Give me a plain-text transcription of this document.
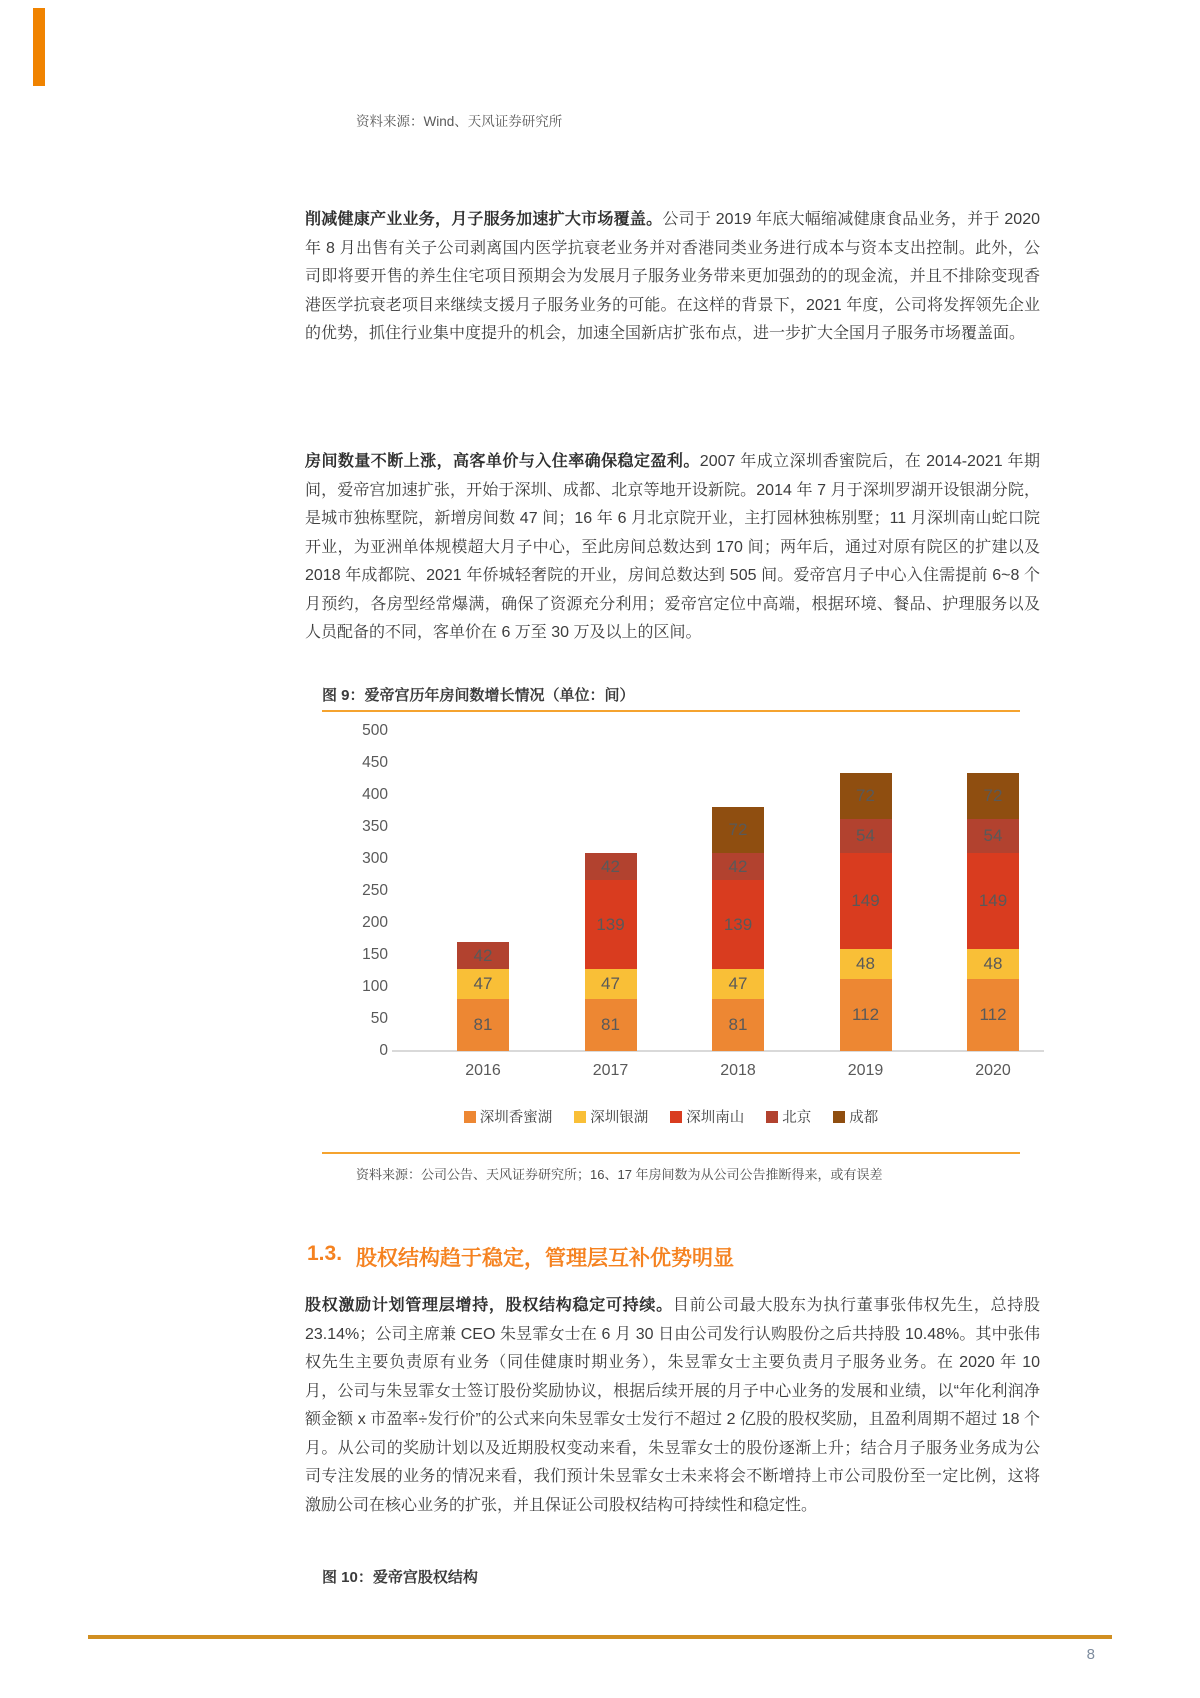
资料来源：Wind、天风证券研究所

削减健康产业业务，月子服务加速扩大市场覆盖。公司于 2019 年底大幅缩减健康食品业务，并于 2020 年 8 月出售有关子公司剥离国内医学抗衰老业务并对香港同类业务进行成本与资本支出控制。此外，公司即将要开售的养生住宅项目预期会为发展月子服务业务带来更加强劲的的现金流，并且不排除变现香港医学抗衰老项目来继续支援月子服务业务的可能。在这样的背景下，2021 年度，公司将发挥领先企业的优势，抓住行业集中度提升的机会，加速全国新店扩张布点，进一步扩大全国月子服务市场覆盖面。

房间数量不断上涨，高客单价与入住率确保稳定盈利。2007 年成立深圳香蜜院后，在 2014-2021 年期间，爱帝宫加速扩张，开始于深圳、成都、北京等地开设新院。2014 年 7 月于深圳罗湖开设银湖分院，是城市独栋墅院，新增房间数 47 间；16 年 6 月北京院开业，主打园林独栋别墅；11 月深圳南山蛇口院开业，为亚洲单体规模超大月子中心，至此房间总数达到 170 间；两年后，通过对原有院区的扩建以及 2018 年成都院、2021 年侨城轻奢院的开业，房间总数达到 505 间。爱帝宫月子中心入住需提前 6~8 个月预约，各房型经常爆满，确保了资源充分利用；爱帝宫定位中高端，根据环境、餐品、护理服务以及人员配备的不同，客单价在 6 万至 30 万及以上的区间。

图 9：爱帝宫历年房间数增长情况（单位：间）
0
50
100
150
200
250
300
350
400
450
500
81
47
42
81
47
139
42
81
47
139
42
72
112
48
149
54
72
112
48
149
54
72
2016	2017	2018	2019	2020
深圳香蜜湖	深圳银湖	深圳南山	北京	成都
资料来源：公司公告、天风证券研究所；16、17 年房间数为从公司公告推断得来，或有误差
1.3. 股权结构趋于稳定，管理层互补优势明显

股权激励计划管理层增持，股权结构稳定可持续。目前公司最大股东为执行董事张伟权先生，总持股 23.14%；公司主席兼 CEO 朱昱霏女士在 6 月 30 日由公司发行认购股份之后共持股 10.48%。其中张伟权先生主要负责原有业务（同佳健康时期业务），朱昱霏女士主要负责月子服务业务。在 2020 年 10 月，公司与朱昱霏女士签订股份奖励协议，根据后续开展的月子中心业务的发展和业绩，以“年化利润净额金额 x 市盈率÷发行价”的公式来向朱昱霏女士发行不超过 2 亿股的股权奖励，且盈利周期不超过 18 个月。从公司的奖励计划以及近期股权变动来看，朱昱霏女士的股份逐渐上升；结合月子服务业务成为公司专注发展的业务的情况来看，我们预计朱昱霏女士未来将会不断增持上市公司股份至一定比例，这将激励公司在核心业务的扩张，并且保证公司股权结构可持续性和稳定性。

图 10：爱帝宫股权结构
8
